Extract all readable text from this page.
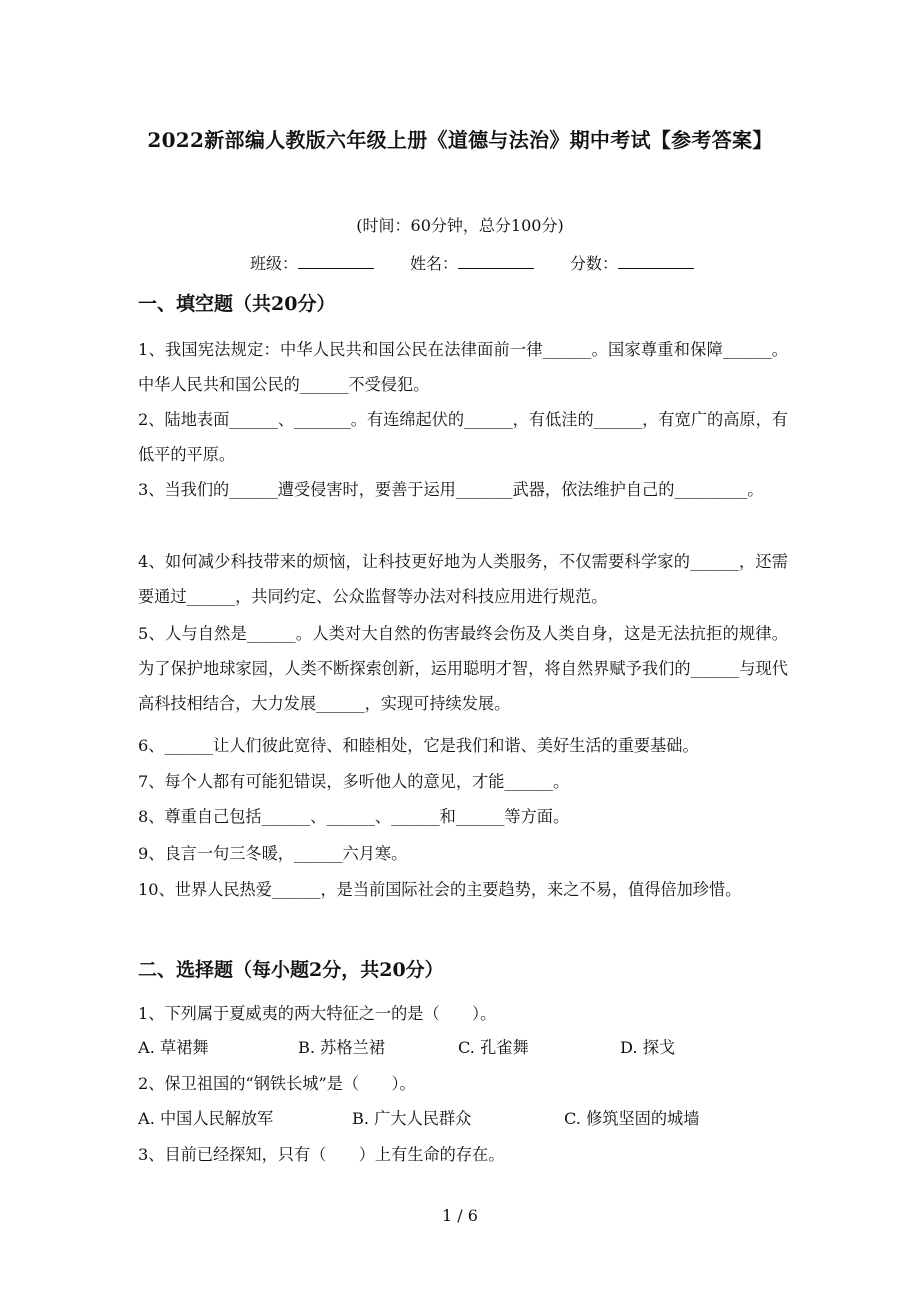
2022新部编人教版六年级上册《道德与法治》期中考试【参考答案】
(时间：60分钟，总分100分)
班级：	姓名：	分数：
一、填空题（共20分）
1、我国宪法规定：中华人民共和国公民在法律面前一律______。国家尊重和保障______。中华人民共和国公民的______不受侵犯。
2、陆地表面______、_______。有连绵起伏的______，有低洼的______，有宽广的高原，有低平的平原。
3、当我们的______遭受侵害时，要善于运用_______武器，依法维护自己的_________。
4、如何减少科技带来的烦恼，让科技更好地为人类服务，不仅需要科学家的______，还需要通过______，共同约定、公众监督等办法对科技应用进行规范。
5、人与自然是______。人类对大自然的伤害最终会伤及人类自身，这是无法抗拒的规律。为了保护地球家园，人类不断探索创新，运用聪明才智，将自然界赋予我们的______与现代高科技相结合，大力发展______，实现可持续发展。
6、______让人们彼此宽待、和睦相处，它是我们和谐、美好生活的重要基础。
7、每个人都有可能犯错误，多听他人的意见，才能______。
8、尊重自己包括______、______、______和______等方面。
9、良言一句三冬暖，______六月寒。
10、世界人民热爱______，是当前国际社会的主要趋势，来之不易，值得倍加珍惜。
二、选择题（每小题2分，共20分）
1、下列属于夏威夷的两大特征之一的是（　　）。
A. 草裙舞	B. 苏格兰裙	C. 孔雀舞	D. 探戈
2、保卫祖国的“钢铁长城”是（　　）。
A. 中国人民解放军	B. 广大人民群众	C. 修筑坚固的城墙
3、目前已经探知，只有（　　）上有生命的存在。
1 / 6
